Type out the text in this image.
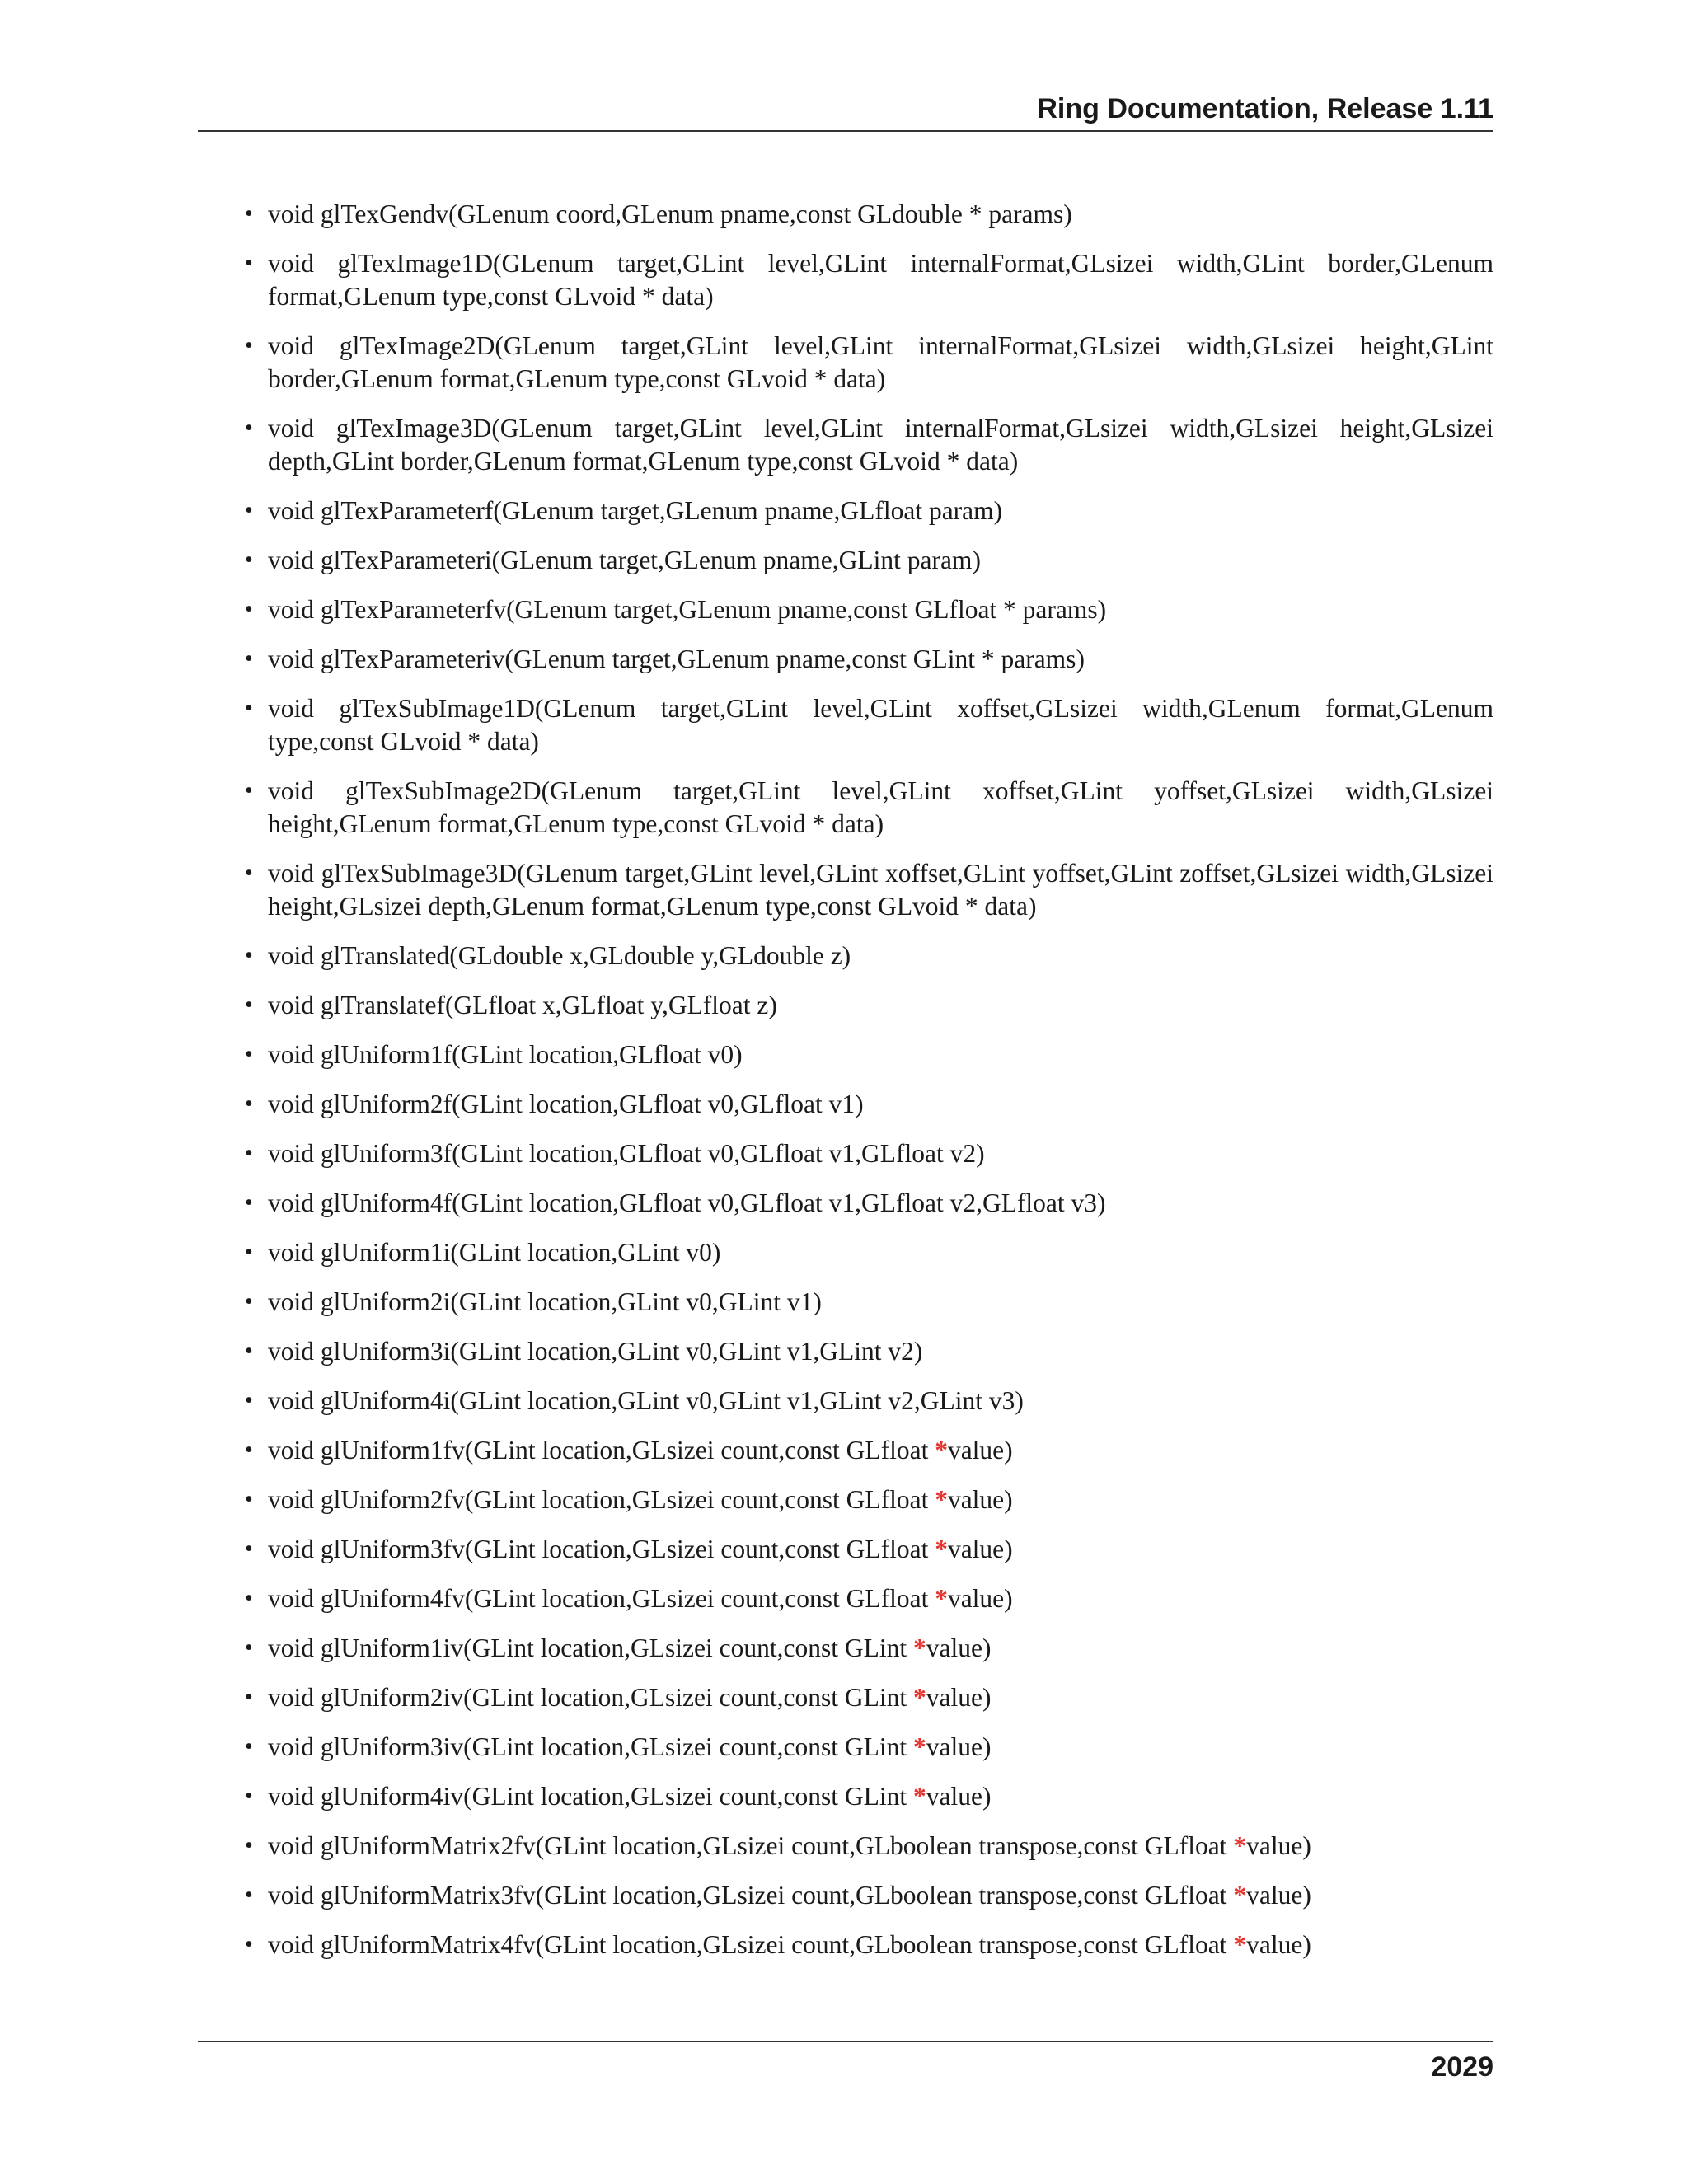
Ring Documentation, Release 1.11
• void glTexGendv(GLenum coord,GLenum pname,const GLdouble * params)
• void glTexImage1D(GLenum target,GLint level,GLint internalFormat,GLsizei width,GLint border,GLenum format,GLenum type,const GLvoid * data)
• void glTexImage2D(GLenum target,GLint level,GLint internalFormat,GLsizei width,GLsizei height,GLint border,GLenum format,GLenum type,const GLvoid * data)
• void glTexImage3D(GLenum target,GLint level,GLint internalFormat,GLsizei width,GLsizei height,GLsizei depth,GLint border,GLenum format,GLenum type,const GLvoid * data)
• void glTexParameterf(GLenum target,GLenum pname,GLfloat param)
• void glTexParameteri(GLenum target,GLenum pname,GLint param)
• void glTexParameterfv(GLenum target,GLenum pname,const GLfloat * params)
• void glTexParameteriv(GLenum target,GLenum pname,const GLint * params)
• void glTexSubImage1D(GLenum target,GLint level,GLint xoffset,GLsizei width,GLenum format,GLenum type,const GLvoid * data)
• void glTexSubImage2D(GLenum target,GLint level,GLint xoffset,GLint yoffset,GLsizei width,GLsizei height,GLenum format,GLenum type,const GLvoid * data)
• void glTexSubImage3D(GLenum target,GLint level,GLint xoffset,GLint yoffset,GLint zoffset,GLsizei width,GLsizei height,GLsizei depth,GLenum format,GLenum type,const GLvoid * data)
• void glTranslated(GLdouble x,GLdouble y,GLdouble z)
• void glTranslatef(GLfloat x,GLfloat y,GLfloat z)
• void glUniform1f(GLint location,GLfloat v0)
• void glUniform2f(GLint location,GLfloat v0,GLfloat v1)
• void glUniform3f(GLint location,GLfloat v0,GLfloat v1,GLfloat v2)
• void glUniform4f(GLint location,GLfloat v0,GLfloat v1,GLfloat v2,GLfloat v3)
• void glUniform1i(GLint location,GLint v0)
• void glUniform2i(GLint location,GLint v0,GLint v1)
• void glUniform3i(GLint location,GLint v0,GLint v1,GLint v2)
• void glUniform4i(GLint location,GLint v0,GLint v1,GLint v2,GLint v3)
• void glUniform1fv(GLint location,GLsizei count,const GLfloat *value)
• void glUniform2fv(GLint location,GLsizei count,const GLfloat *value)
• void glUniform3fv(GLint location,GLsizei count,const GLfloat *value)
• void glUniform4fv(GLint location,GLsizei count,const GLfloat *value)
• void glUniform1iv(GLint location,GLsizei count,const GLint *value)
• void glUniform2iv(GLint location,GLsizei count,const GLint *value)
• void glUniform3iv(GLint location,GLsizei count,const GLint *value)
• void glUniform4iv(GLint location,GLsizei count,const GLint *value)
• void glUniformMatrix2fv(GLint location,GLsizei count,GLboolean transpose,const GLfloat *value)
• void glUniformMatrix3fv(GLint location,GLsizei count,GLboolean transpose,const GLfloat *value)
• void glUniformMatrix4fv(GLint location,GLsizei count,GLboolean transpose,const GLfloat *value)
2029
